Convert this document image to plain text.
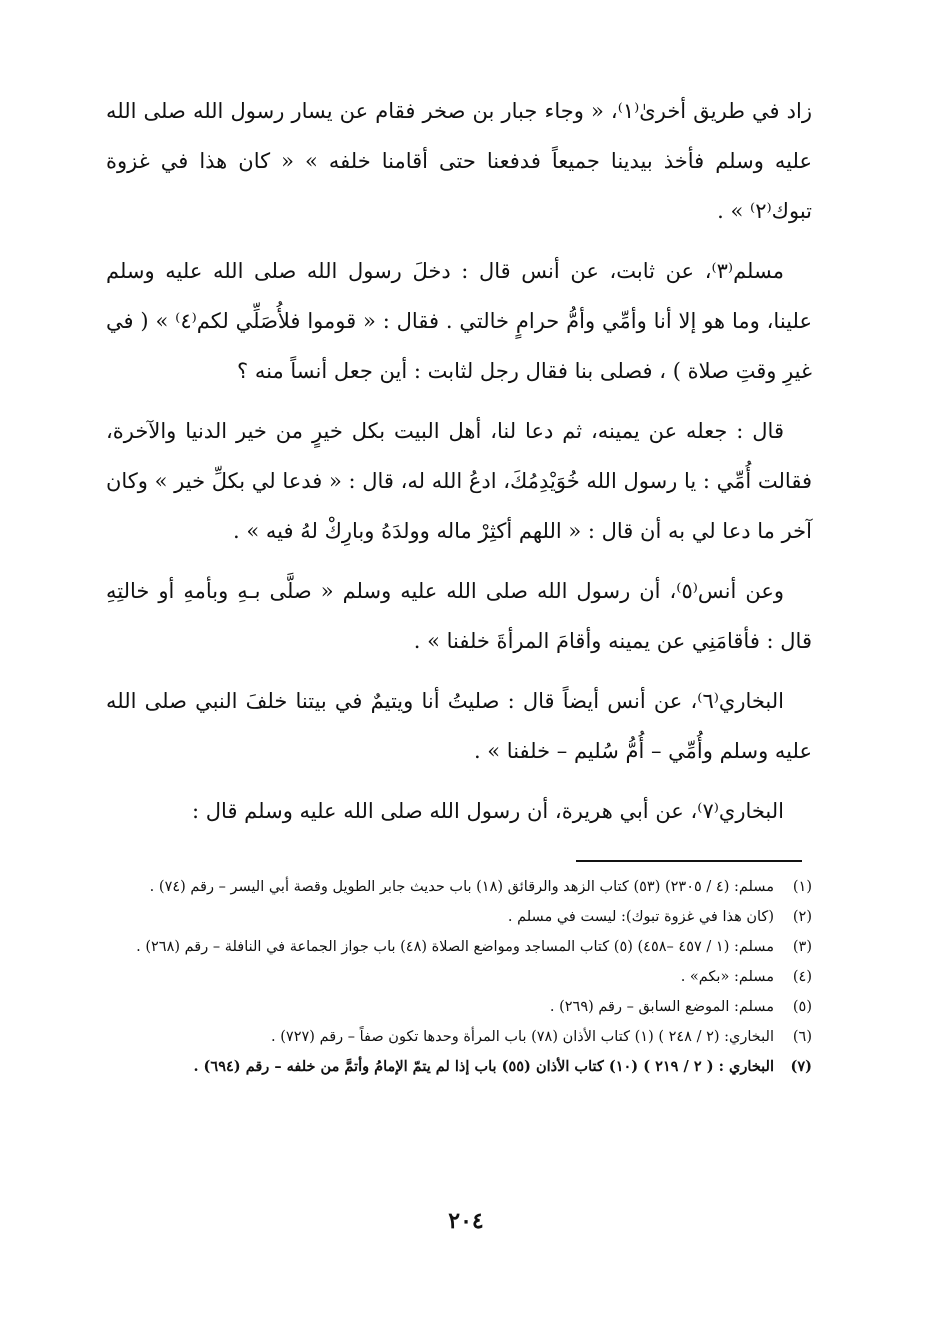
زاد في طريق أخرىٰ⁽١⁾، « وجاء جبار بن صخر فقام عن يسار رسول الله صلى الله عليه وسلم فأخذ بيدينا جميعاً فدفعنا حتى أقامنا خلفه » « كان هذا في غزوة تبوك⁽٢⁾ » .

مسلم⁽٣⁾، عن ثابت، عن أنس قال : دخلَ رسول الله صلى الله عليه وسلم علينا، وما هو إلا أنا وأمِّي وأمُّ حرامٍ خالتي . فقال : « قوموا فلأُصَلِّي لكم⁽٤⁾ » ( في غيرِ وقتِ صلاة ) ، فصلى بنا فقال رجل لثابت : أين جعل أنساً منه ؟

قال : جعله عن يمينه، ثم دعا لنا، أهل البيت بكل خيرٍ من خير الدنيا والآخرة، فقالت أُمِّي : يا رسول الله خُوَيْدِمُكَ، ادعُ الله له، قال : « فدعا لي بكلِّ خير » وكان آخر ما دعا لي به أن قال : « اللهم أكثِرْ ماله وولدَهُ وبارِكْ لهُ فيه » .

وعن أنس⁽٥⁾، أن رسول الله صلى الله عليه وسلم « صلَّى بـهِ وبأمهِ أو خالتِهِ قال : فأقامَنِي عن يمينه وأقامَ المرأةَ خلفنا » .

البخاري⁽٦⁾، عن أنس أيضاً قال : صليتُ أنا ويتيمٌ في بيتنا خلفَ النبي صلى الله عليه وسلم وأُمِّي – أُمُّ سُليم – خلفنا » .

البخاري⁽٧⁾، عن أبي هريرة، أن رسول الله صلى الله عليه وسلم قال :

(١)
مسلم: (٤ / ٢٣٠٥) (٥٣) كتاب الزهد والرقائق (١٨) باب حديث جابر الطويل وقصة أبي اليسر – رقم (٧٤) .
(٢)
(كان هذا في غزوة تبوك): ليست في مسلم .
(٣)
مسلم: (١ / ٤٥٧ –٤٥٨) (٥) كتاب المساجد ومواضع الصلاة (٤٨) باب جواز الجماعة في النافلة – رقم (٢٦٨) .
(٤)
مسلم: «بكم» .
(٥)
مسلم: الموضع السابق – رقم (٢٦٩) .
(٦)
البخاري: (٢ / ٢٤٨ ) (١) كتاب الأذان (٧٨) باب المرأة وحدها تكون صفاً – رقم (٧٢٧) .
(٧)
البخاري : ( ٢ / ٢١٩ ) (١٠) كتاب الأذان (٥٥) باب إذا لم يتمّ الإمامُ وأتمَّ من خلفه – رقم (٦٩٤) .
٢٠٤
